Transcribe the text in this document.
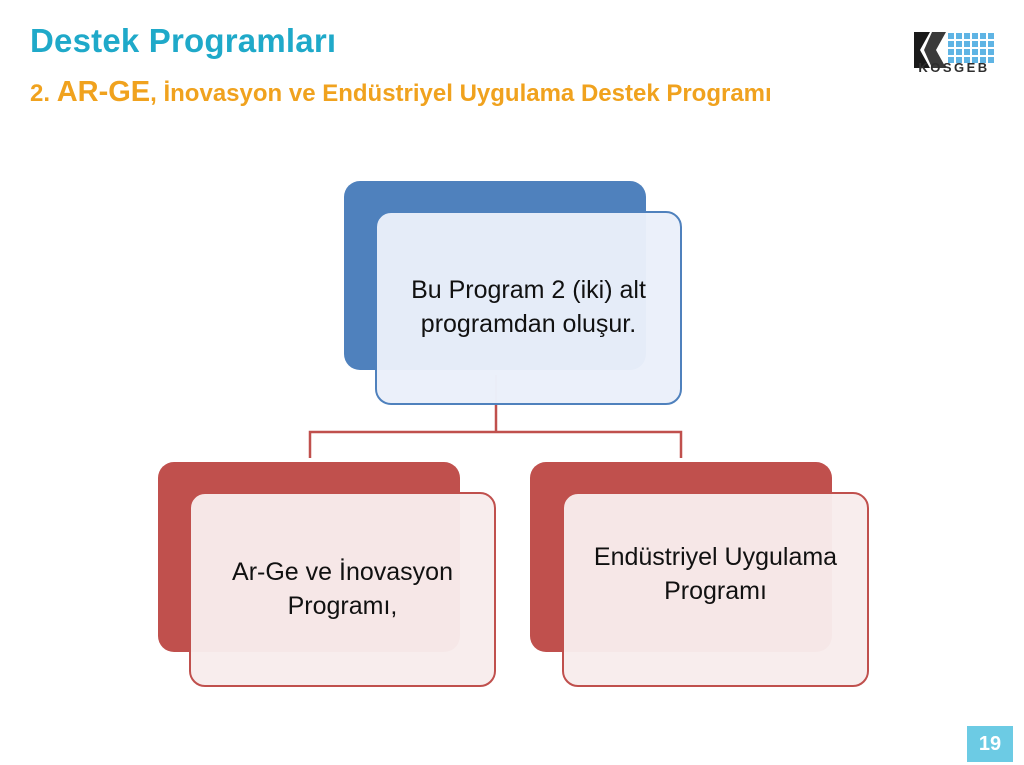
Destek Programları
2. AR-GE, İnovasyon ve Endüstriyel Uygulama Destek Programı
KOSGEB
Bu Program 2 (iki) alt programdan oluşur.
Ar-Ge ve İnovasyon Programı,
Endüstriyel Uygulama Programı
19
